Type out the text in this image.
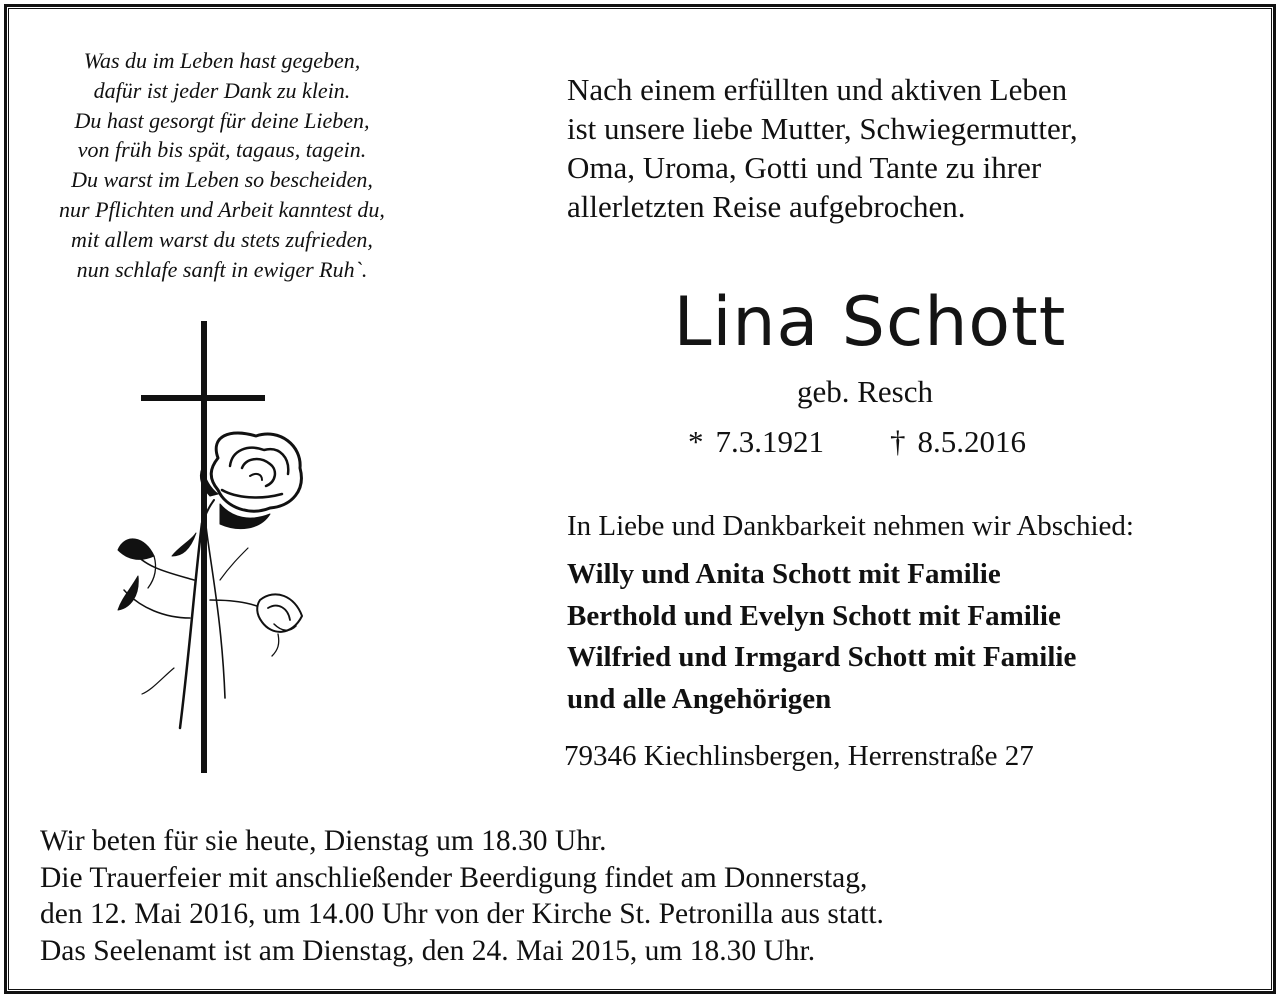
Was du im Leben hast gegeben,
dafür ist jeder Dank zu klein.
Du hast gesorgt für deine Lieben,
von früh bis spät, tagaus, tagein.
Du warst im Leben so bescheiden,
nur Pflichten und Arbeit kanntest du,
mit allem warst du stets zufrieden,
nun schlafe sanft in ewiger Ruh`.
Nach einem erfüllten und aktiven Leben
ist unsere liebe Mutter, Schwiegermutter,
Oma, Uroma, Gotti und Tante zu ihrer
allerletzten Reise aufgebrochen.
Lina Schott
geb. Resch
* 7.3.1921 † 8.5.2016
In Liebe und Dankbarkeit nehmen wir Abschied:
Willy und Anita Schott mit Familie
Berthold und Evelyn Schott mit Familie
Wilfried und Irmgard Schott mit Familie
und alle Angehörigen
79346 Kiechlinsbergen, Herrenstraße 27
Wir beten für sie heute, Dienstag um 18.30 Uhr.
Die Trauerfeier mit anschließender Beerdigung findet am Donnerstag,
den 12. Mai 2016, um 14.00 Uhr von der Kirche St. Petronilla aus statt.
Das Seelenamt ist am Dienstag, den 24. Mai 2015, um 18.30 Uhr.
